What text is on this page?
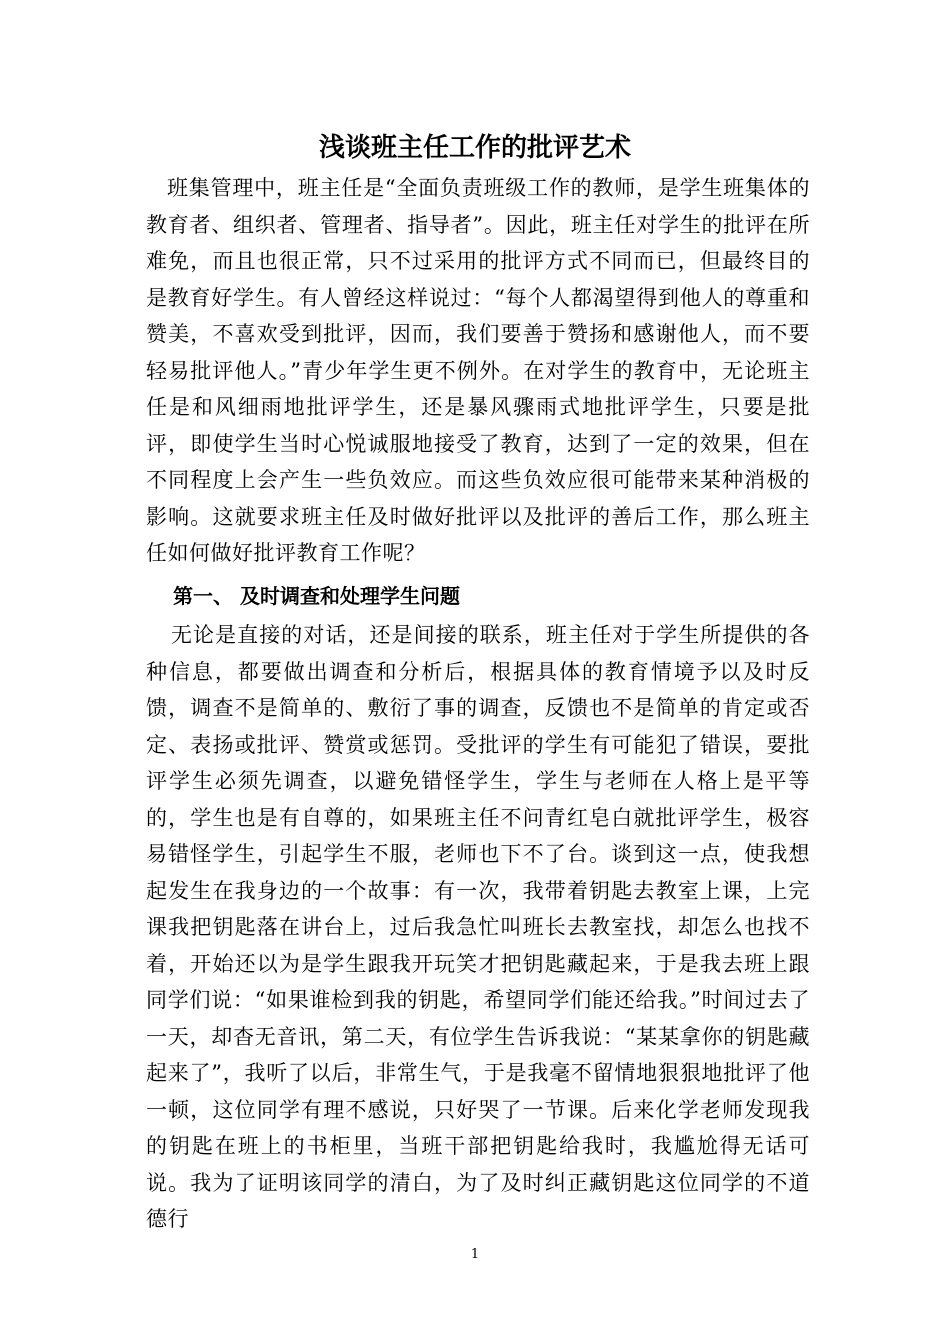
浅谈班主任工作的批评艺术

班集管理中，班主任是“全面负责班级工作的教师，是学生班集体的教育者、组织者、管理者、指导者”。因此，班主任对学生的批评在所难免，而且也很正常，只不过采用的批评方式不同而已，但最终目的是教育好学生。有人曾经这样说过：“每个人都渴望得到他人的尊重和赞美，不喜欢受到批评，因而，我们要善于赞扬和感谢他人，而不要轻易批评他人。”青少年学生更不例外。在对学生的教育中，无论班主任是和风细雨地批评学生，还是暴风骤雨式地批评学生，只要是批评，即使学生当时心悦诚服地接受了教育，达到了一定的效果，但在不同程度上会产生一些负效应。而这些负效应很可能带来某种消极的影响。这就要求班主任及时做好批评以及批评的善后工作，那么班主任如何做好批评教育工作呢？

第一、 及时调查和处理学生问题

无论是直接的对话，还是间接的联系，班主任对于学生所提供的各种信息，都要做出调查和分析后，根据具体的教育情境予以及时反馈，调查不是简单的、敷衍了事的调查，反馈也不是简单的肯定或否定、表扬或批评、赞赏或惩罚。受批评的学生有可能犯了错误，要批评学生必须先调查，以避免错怪学生，学生与老师在人格上是平等的，学生也是有自尊的，如果班主任不问青红皂白就批评学生，极容易错怪学生，引起学生不服，老师也下不了台。谈到这一点，使我想起发生在我身边的一个故事：有一次，我带着钥匙去教室上课，上完课我把钥匙落在讲台上，过后我急忙叫班长去教室找，却怎么也找不着，开始还以为是学生跟我开玩笑才把钥匙藏起来，于是我去班上跟同学们说：“如果谁检到我的钥匙，希望同学们能还给我。”时间过去了一天，却杳无音讯，第二天，有位学生告诉我说：“某某拿你的钥匙藏起来了”，我听了以后，非常生气，于是我毫不留情地狠狠地批评了他一顿，这位同学有理不感说，只好哭了一节课。后来化学老师发现我的钥匙在班上的书柜里，当班干部把钥匙给我时，我尴尬得无话可说。我为了证明该同学的清白，为了及时纠正藏钥匙这位同学的不道德行

1
